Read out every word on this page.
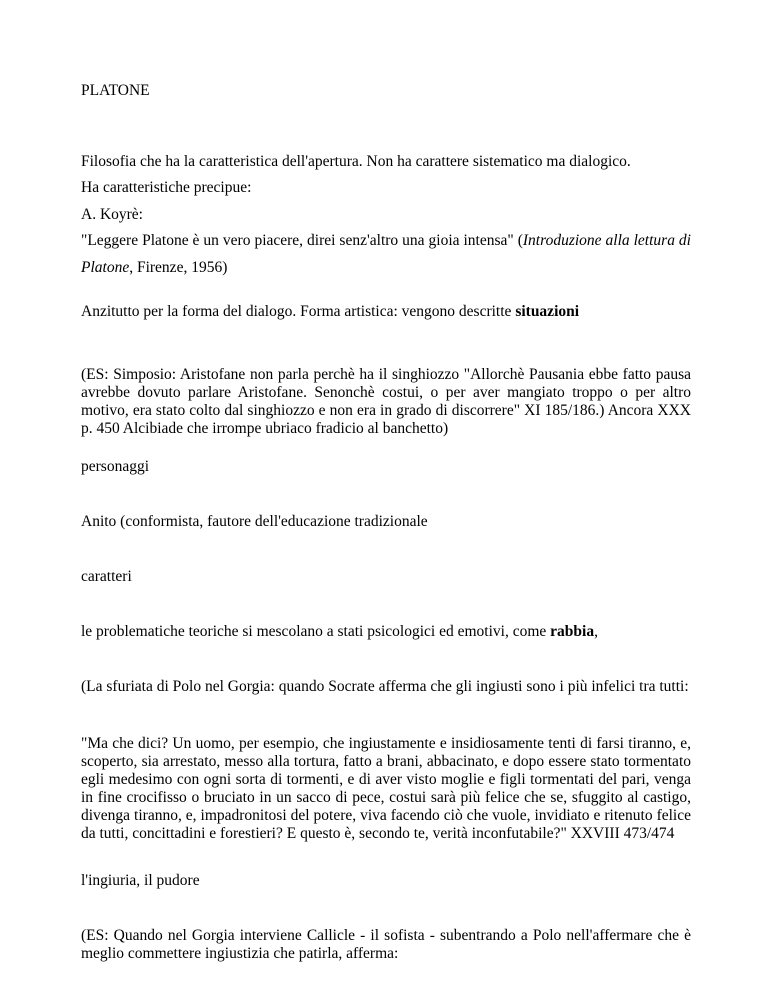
PLATONE

Filosofia che ha la caratteristica dell'apertura. Non ha carattere sistematico ma dialogico.

Ha caratteristiche precipue:

A. Koyrè:

"Leggere Platone è un vero piacere, direi senz'altro una gioia intensa" (Introduzione alla lettura di Platone, Firenze, 1956)

Anzitutto per la forma del dialogo. Forma artistica: vengono descritte situazioni

(ES: Simposio: Aristofane non parla perchè ha il singhiozzo "Allorchè Pausania ebbe fatto pausa avrebbe dovuto parlare Aristofane. Senonchè costui, o per aver mangiato troppo o per altro motivo, era stato colto dal singhiozzo e non era in grado di discorrere" XI 185/186.) Ancora XXX p. 450 Alcibiade che irrompe ubriaco fradicio al banchetto)

personaggi

Anito (conformista, fautore dell'educazione tradizionale

caratteri

le problematiche teoriche si mescolano a stati psicologici ed emotivi, come rabbia,

(La sfuriata di Polo nel Gorgia: quando Socrate afferma che gli ingiusti sono i più infelici tra tutti:

"Ma che dici? Un uomo, per esempio, che ingiustamente e insidiosamente tenti di farsi tiranno, e, scoperto, sia arrestato, messo alla tortura, fatto a brani, abbacinato, e dopo essere stato tormentato egli medesimo con ogni sorta di tormenti, e di aver visto moglie e figli tormentati del pari, venga in fine crocifisso o bruciato in un sacco di pece, costui sarà più felice che se, sfuggito al castigo, divenga tiranno, e, impadronitosi del potere, viva facendo ciò che vuole, invidiato e ritenuto felice da tutti, concittadini e forestieri? E questo è, secondo te, verità inconfutabile?" XXVIII 473/474

l'ingiuria, il pudore

(ES: Quando nel Gorgia interviene Callicle - il sofista - subentrando a Polo nell'affermare che è meglio commettere ingiustizia che patirla, afferma:
